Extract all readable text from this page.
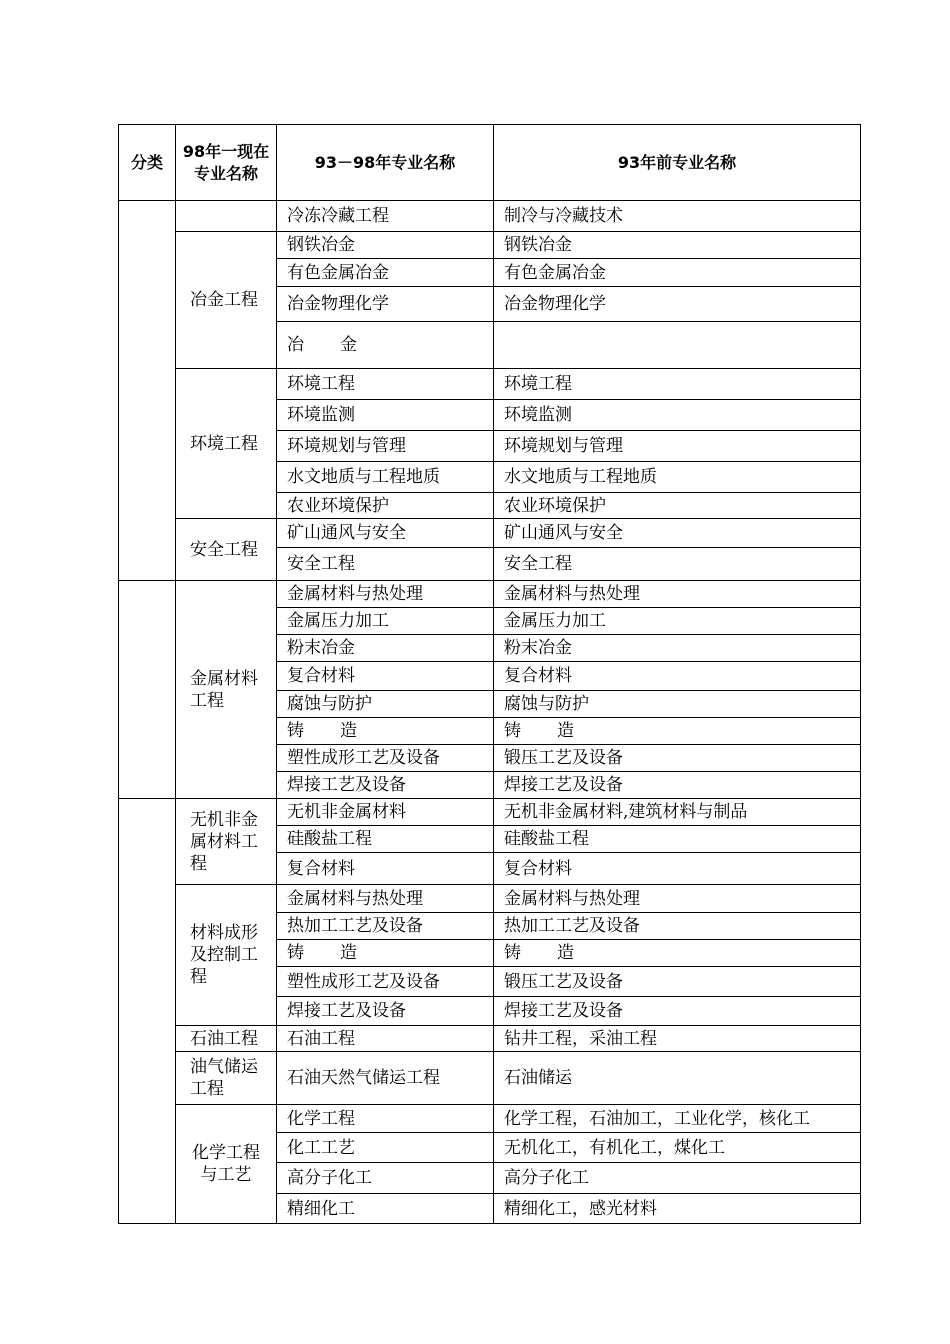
分类	98年一现在专业名称	93－98年专业名称	93年前专业名称
		冷冻冷藏工程	制冷与冷藏技术
	冶金工程	钢铁冶金	钢铁冶金
		有色金属冶金	有色金属冶金
		冶金物理化学	冶金物理化学
		冶 金	
	环境工程	环境工程	环境工程
		环境监测	环境监测
		环境规划与管理	环境规划与管理
		水文地质与工程地质	水文地质与工程地质
		农业环境保护	农业环境保护
	安全工程	矿山通风与安全	矿山通风与安全
		安全工程	安全工程
	金属材料工程	金属材料与热处理	金属材料与热处理
		金属压力加工	金属压力加工
		粉末冶金	粉末冶金
		复合材料	复合材料
		腐蚀与防护	腐蚀与防护
		铸 造	铸 造
		塑性成形工艺及设备	锻压工艺及设备
		焊接工艺及设备	焊接工艺及设备
	无机非金属材料工程	无机非金属材料	无机非金属材料,建筑材料与制品
		硅酸盐工程	硅酸盐工程
		复合材料	复合材料
	材料成形及控制工程	金属材料与热处理	金属材料与热处理
		热加工工艺及设备	热加工工艺及设备
		铸 造	铸 造
		塑性成形工艺及设备	锻压工艺及设备
		焊接工艺及设备	焊接工艺及设备
	石油工程	石油工程	钻井工程，采油工程
	油气储运工程	石油天然气储运工程	石油储运
	化学工程与工艺	化学工程	化学工程，石油加工，工业化学，核化工
		化工工艺	无机化工，有机化工，煤化工
		高分子化工	高分子化工
		精细化工	精细化工，感光材料
